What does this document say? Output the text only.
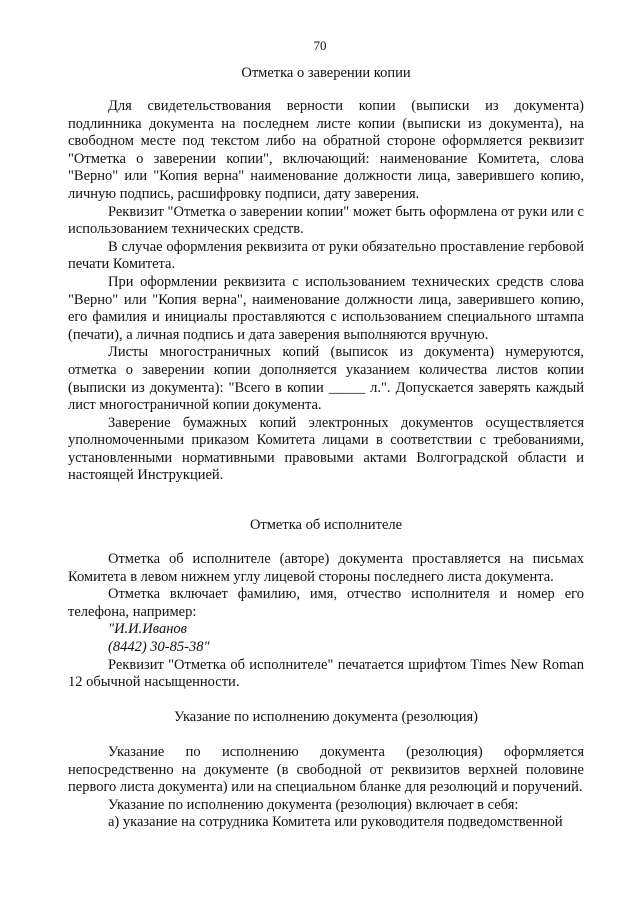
70
Отметка о заверении копии

Для свидетельствования верности копии (выписки из документа) подлинника документа на последнем листе копии (выписки из документа), на свободном месте под текстом либо на обратной стороне оформляется реквизит "Отметка о заверении копии", включающий: наименование Комитета, слова "Верно" или "Копия верна" наименование должности лица, заверившего копию, личную подпись, расшифровку подписи, дату заверения.

Реквизит "Отметка о заверении копии" может быть оформлена от руки или с использованием технических средств.

В случае оформления реквизита от руки обязательно проставление гербовой печати Комитета.

При оформлении реквизита с использованием технических средств слова "Верно" или "Копия верна", наименование должности лица, заверившего копию, его фамилия и инициалы проставляются с использованием специального штампа (печати), а личная подпись и дата заверения выполняются вручную.

Листы многостраничных копий (выписок из документа) нумеруются, отметка о заверении копии дополняется указанием количества листов копии (выписки из документа): "Всего в копии _____ л.". Допускается заверять каждый лист многостраничной копии документа.

Заверение бумажных копий электронных документов осуществляется уполномоченными приказом Комитета лицами в соответствии с требованиями, установленными нормативными правовыми актами Волгоградской области и настоящей Инструкцией.

Отметка об исполнителе

Отметка об исполнителе (авторе) документа проставляется на письмах Комитета в левом нижнем углу лицевой стороны последнего листа документа.

Отметка включает фамилию, имя, отчество исполнителя и номер его телефона, например:

"И.И.Иванов
(8442) 30-85-38"

Реквизит "Отметка об исполнителе" печатается шрифтом Times New Roman 12 обычной насыщенности.

Указание по исполнению документа (резолюция)

Указание по исполнению документа (резолюция) оформляется непосредственно на документе (в свободной от реквизитов верхней половине первого листа документа) или на специальном бланке для резолюций и поручений.

Указание по исполнению документа (резолюция) включает в себя:

а) указание на сотрудника Комитета или руководителя подведомственной
